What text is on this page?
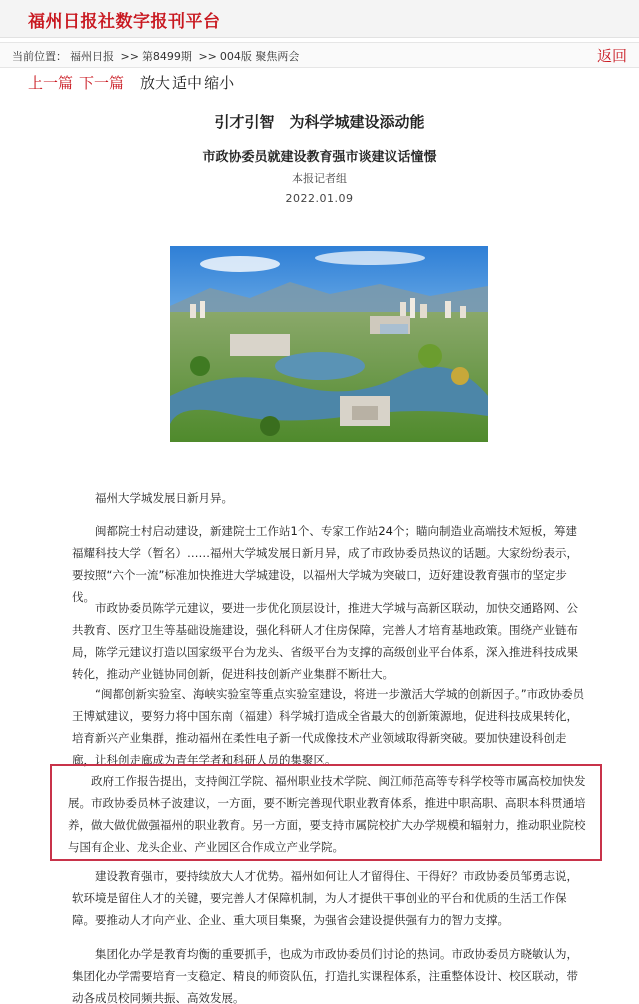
福州日报社数字报刊平台
当前位置： 福州日报 >> 第8499期 >> 004版 聚焦两会	返回
上一篇 下一篇 放大 适中 缩小
引才引智　为科学城建设添动能
市政协委员就建设教育强市谈建议话憧憬
本报记者组
2022.01.09

福州大学城发展日新月异。

闽都院士村启动建设，新建院士工作站1个、专家工作站24个；瞄向制造业高端技术短板，筹建福耀科技大学（暂名）……福州大学城发展日新月异，成了市政协委员热议的话题。大家纷纷表示，要按照“六个一流”标准加快推进大学城建设，以福州大学城为突破口，迈好建设教育强市的坚定步伐。

市政协委员陈学元建议，要进一步优化顶层设计，推进大学城与高新区联动，加快交通路网、公共教育、医疗卫生等基础设施建设，强化科研人才住房保障，完善人才培育基地政策。围绕产业链布局，陈学元建议打造以国家级平台为龙头、省级平台为支撑的高级创业平台体系，深入推进科技成果转化，推动产业链协同创新，促进科技创新产业集群不断壮大。

“闽都创新实验室、海峡实验室等重点实验室建设，将进一步激活大学城的创新因子。”市政协委员王博斌建议，要努力将中国东南（福建）科学城打造成全省最大的创新策源地，促进科技成果转化，培育新兴产业集群，推动福州在柔性电子新一代成像技术产业领域取得新突破。要加快建设科创走廊，让科创走廊成为青年学者和科研人员的集聚区。

政府工作报告提出，支持闽江学院、福州职业技术学院、闽江师范高等专科学校等市属高校加快发展。市政协委员林子波建议，一方面，要不断完善现代职业教育体系，推进中职高职、高职本科贯通培养，做大做优做强福州的职业教育。另一方面，要支持市属院校扩大办学规模和辐射力，推动职业院校与国有企业、龙头企业、产业园区合作成立产业学院。

建设教育强市，要持续放大人才优势。福州如何让人才留得住、干得好？市政协委员邹勇志说，软环境是留住人才的关键，要完善人才保障机制，为人才提供干事创业的平台和优质的生活工作保障。要推动人才向产业、企业、重大项目集聚，为强省会建设提供强有力的智力支撑。

集团化办学是教育均衡的重要抓手，也成为市政协委员们讨论的热词。市政协委员方晓敏认为，集团化办学需要培育一支稳定、精良的师资队伍，打造扎实课程体系，注重整体设计、校区联动，带动各成员校同频共振、高效发展。
